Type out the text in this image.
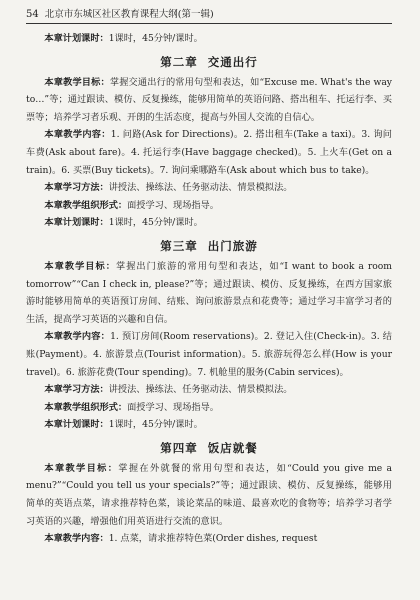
54 北京市东城区社区教育课程大纲(第一辑)

本章计划课时：1课时，45分钟/课时。

第二章 交通出行

本章教学目标：掌握交通出行的常用句型和表达，如“Excuse me. What's the way to…”等；通过跟读、模仿、反复操练，能够用简单的英语问路、搭出租车、托运行李、买票等；培养学习者乐观、开朗的生活态度，提高与外国人交流的自信心。

本章教学内容：1. 问路(Ask for Directions)。2. 搭出租车(Take a taxi)。3. 询问车费(Ask about fare)。4. 托运行李(Have baggage checked)。5. 上火车(Get on a train)。6. 买票(Buy tickets)。7. 询问乘哪路车(Ask about which bus to take)。

本章学习方法：讲授法、操练法、任务驱动法、情景模拟法。

本章教学组织形式：面授学习、现场指导。

本章计划课时：1课时，45分钟/课时。

第三章 出门旅游

本章教学目标：掌握出门旅游的常用句型和表达，如“I want to book a room tomorrow”“Can I check in, please?”等；通过跟读、模仿、反复操练，在西方国家旅游时能够用简单的英语预订房间、结账、询问旅游景点和花费等；通过学习丰富学习者的生活，提高学习英语的兴趣和自信。

本章教学内容：1. 预订房间(Room reservations)。2. 登记入住(Check-in)。3. 结账(Payment)。4. 旅游景点(Tourist information)。5. 旅游玩得怎么样(How is your travel)。6. 旅游花费(Tour spending)。7. 机舱里的服务(Cabin services)。

本章学习方法：讲授法、操练法、任务驱动法、情景模拟法。

本章教学组织形式：面授学习、现场指导。

本章计划课时：1课时，45分钟/课时。

第四章 饭店就餐

本章教学目标：掌握在外就餐的常用句型和表达，如“Could you give me a menu?”“Could you tell us your specials?”等；通过跟读、模仿、反复操练，能够用简单的英语点菜，请求推荐特色菜，谈论菜品的味道、最喜欢吃的食物等；培养学习者学习英语的兴趣，增强他们用英语进行交流的意识。

本章教学内容：1. 点菜，请求推荐特色菜(Order dishes, request
